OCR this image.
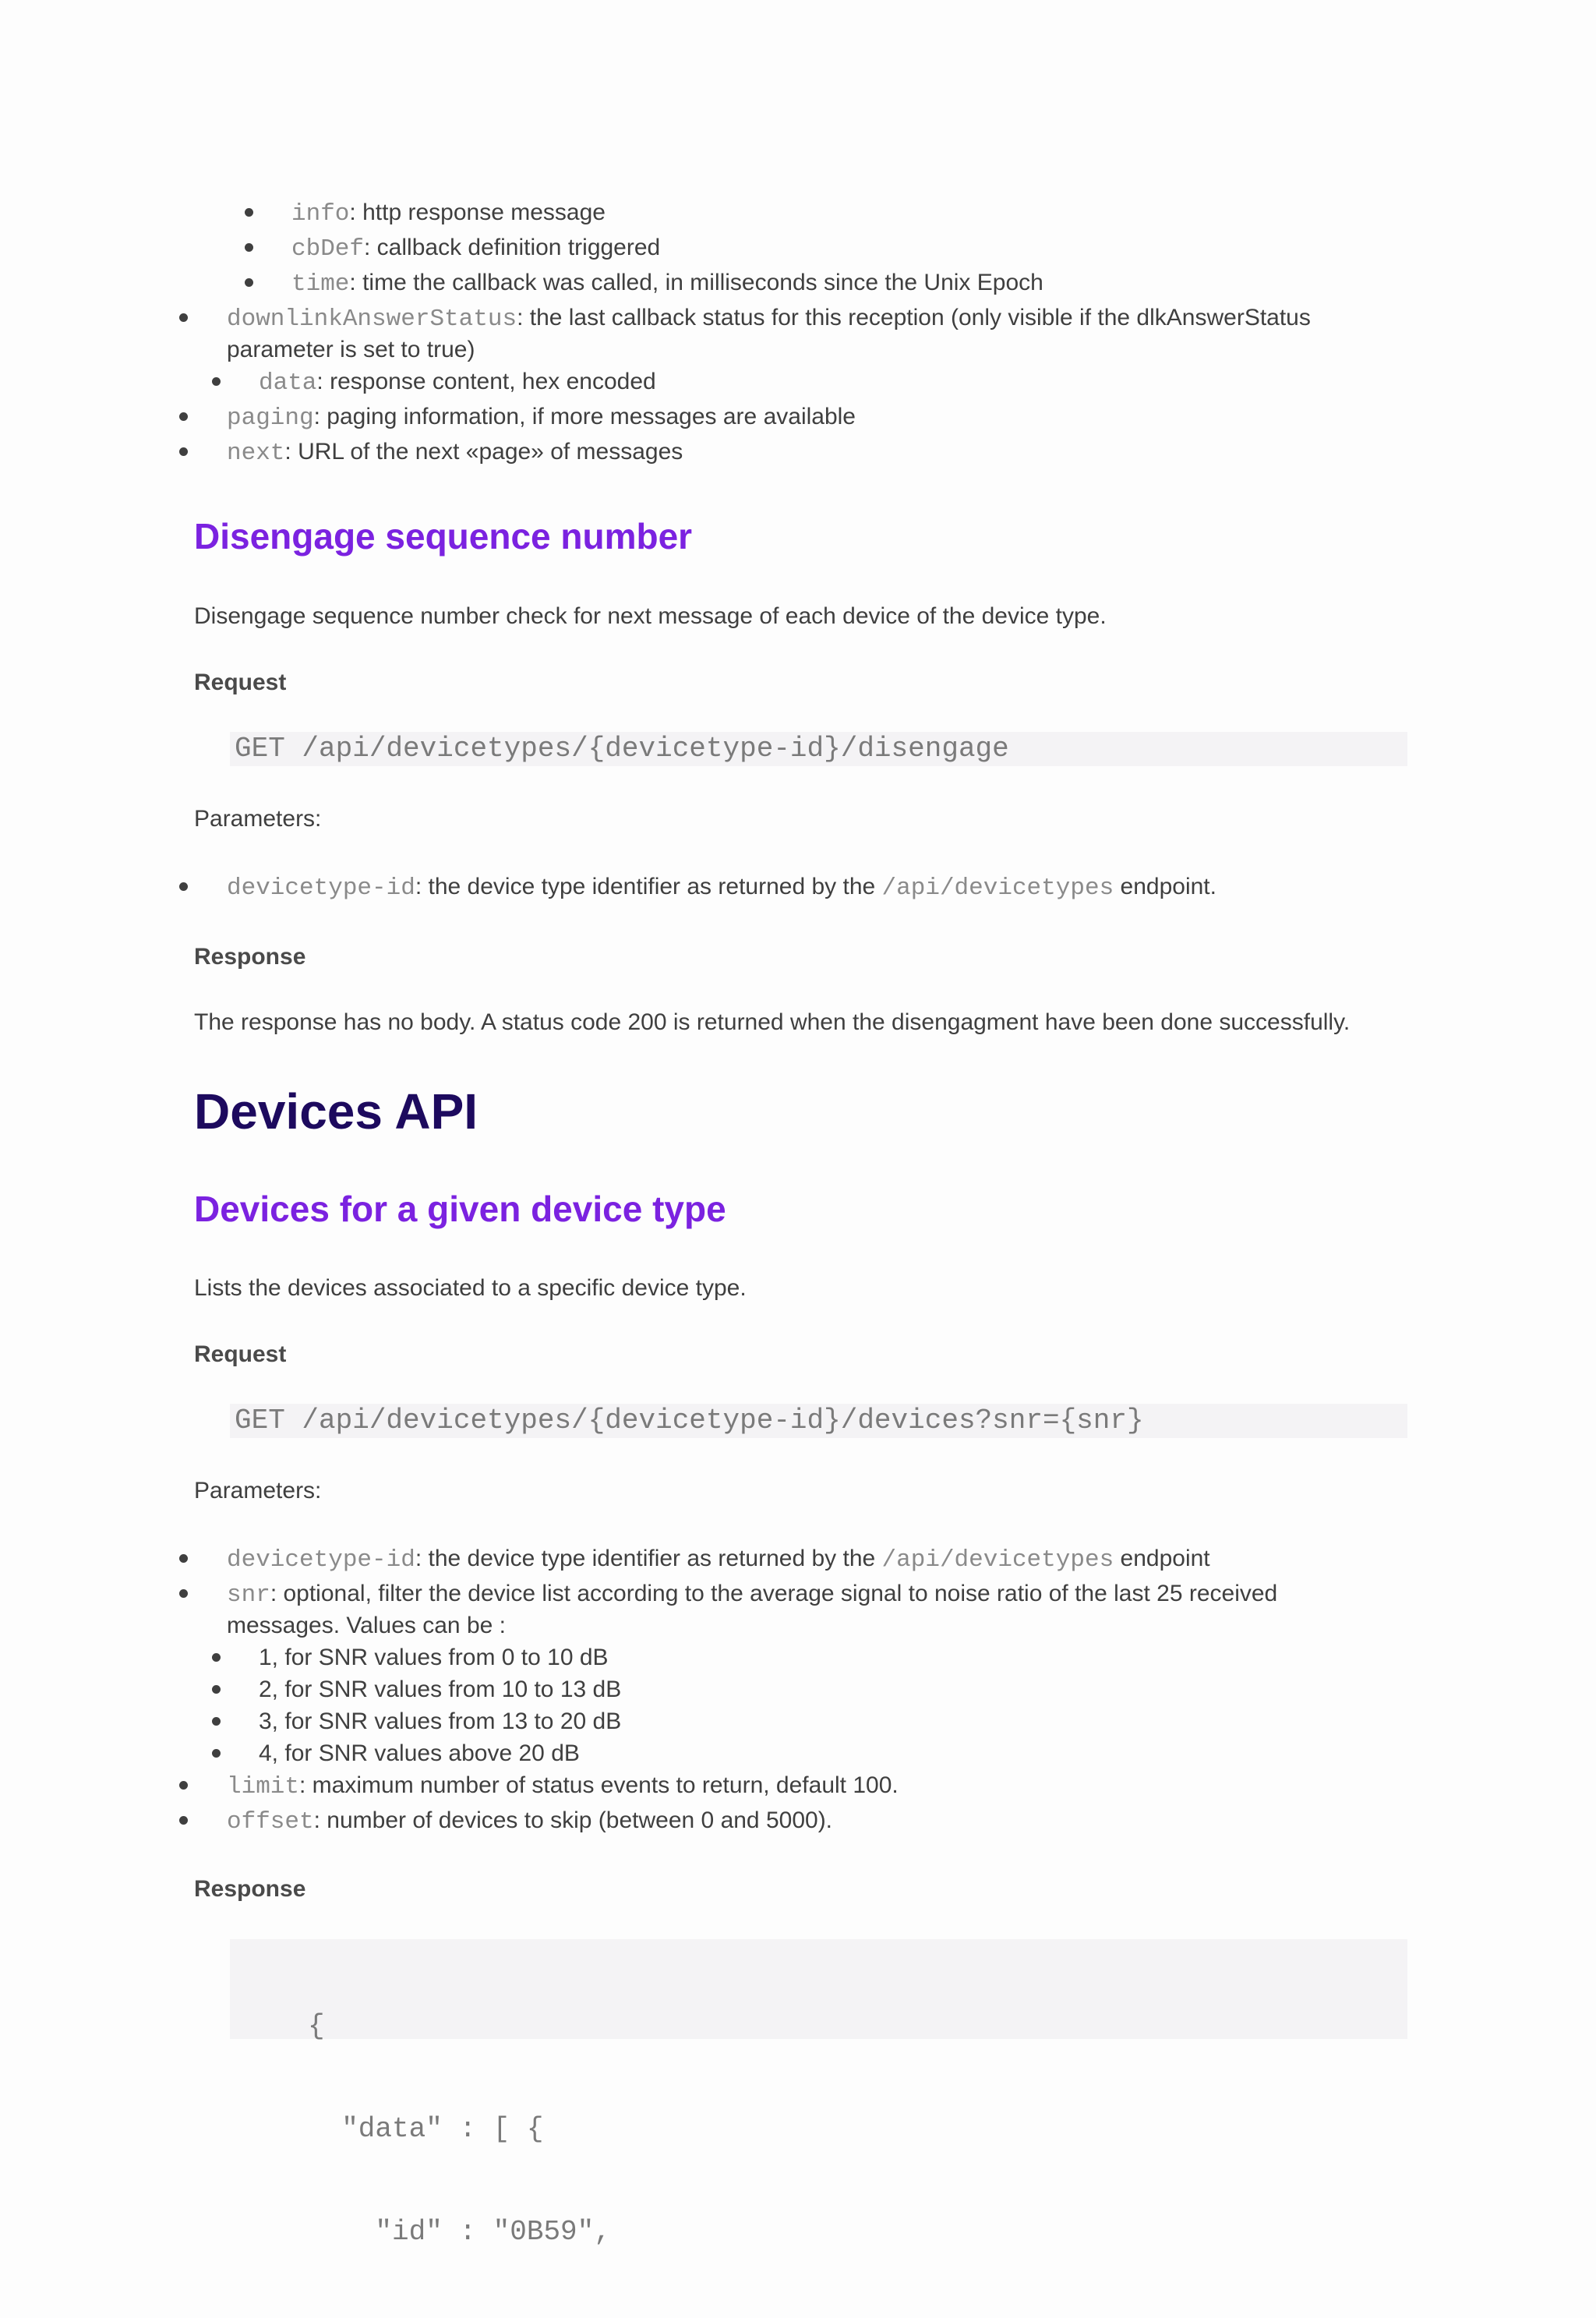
info: http response message
cbDef: callback definition triggered
time: time the callback was called, in milliseconds since the Unix Epoch
downlinkAnswerStatus: the last callback status for this reception (only visible if the dlkAnswerStatus
parameter is set to true)
data: response content, hex encoded
paging: paging information, if more messages are available
next: URL of the next «page» of messages
Disengage sequence number
Disengage sequence number check for next message of each device of the device type.
Request
GET /api/devicetypes/{devicetype-id}/disengage
Parameters:
devicetype-id: the device type identifier as returned by the /api/devicetypes endpoint.
Response
The response has no body. A status code 200 is returned when the disengagment have been done successfully.
Devices API
Devices for a given device type
Lists the devices associated to a specific device type.
Request
GET /api/devicetypes/{devicetype-id}/devices?snr={snr}
Parameters:
devicetype-id: the device type identifier as returned by the /api/devicetypes endpoint
snr: optional, filter the device list according to the average signal to noise ratio of the last 25 received
messages. Values can be :
1, for SNR values from 0 to 10 dB
2, for SNR values from 10 to 13 dB
3, for SNR values from 13 to 20 dB
4, for SNR values above 20 dB
limit: maximum number of status events to return, default 100.
offset: number of devices to skip (between 0 and 5000).
Response

{

"data" : [ {

"id" : "0B59",
